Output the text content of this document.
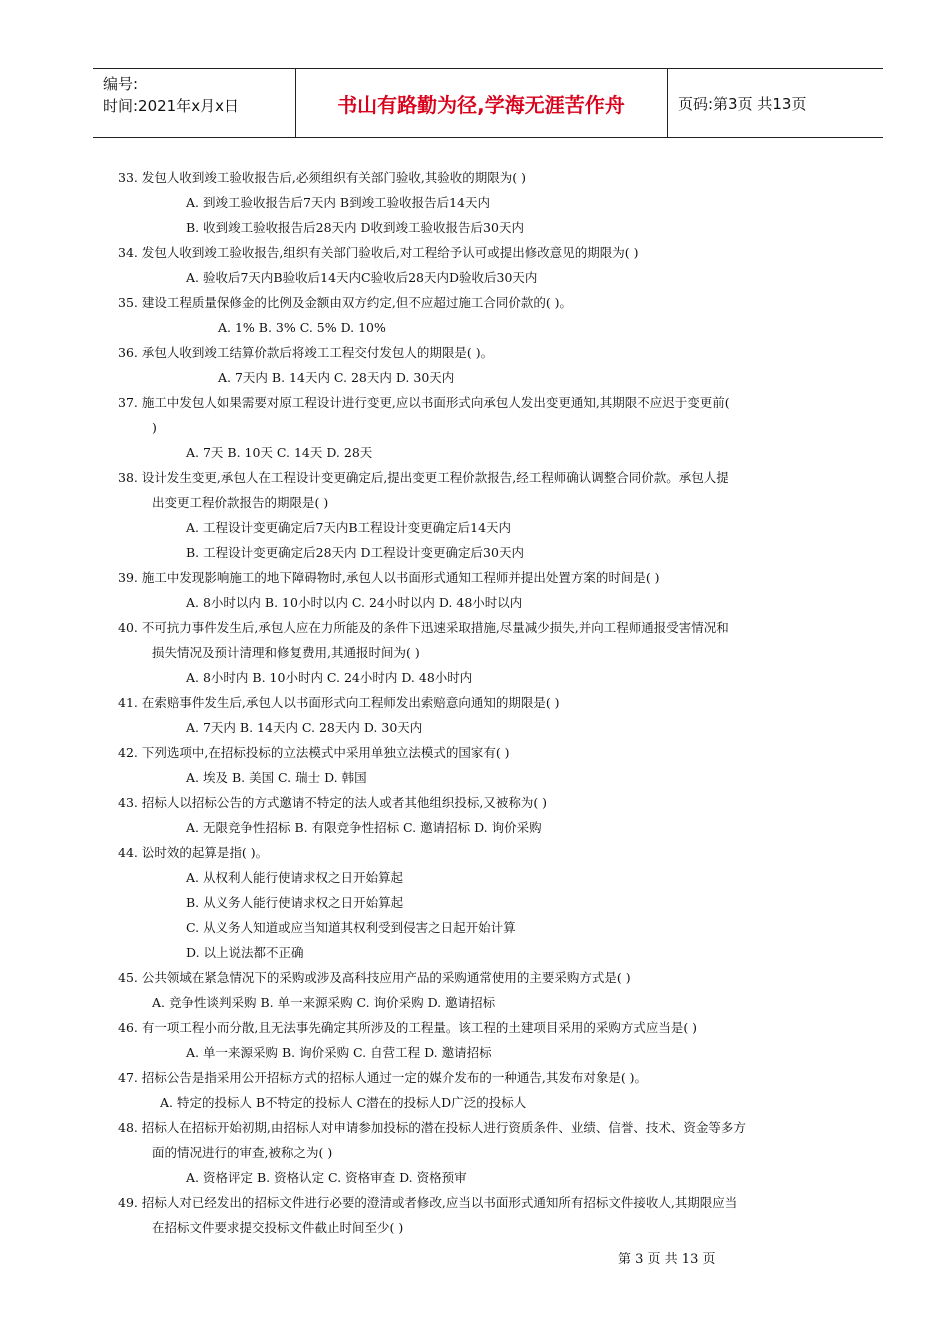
编号:
时间:2021年x月x日	书山有路勤为径,学海无涯苦作舟	页码:第3页 共13页
33. 发包人收到竣工验收报告后,必须组织有关部门验收,其验收的期限为( )
A. 到竣工验收报告后7天内 B到竣工验收报告后14天内
B. 收到竣工验收报告后28天内 D收到竣工验收报告后30天内
34. 发包人收到竣工验收报告,组织有关部门验收后,对工程给予认可或提出修改意见的期限为( )
A. 验收后7天内B验收后14天内C验收后28天内D验收后30天内
35. 建设工程质量保修金的比例及金额由双方约定,但不应超过施工合同价款的( )。
A. 1% B. 3% C. 5% D. 10%
36. 承包人收到竣工结算价款后将竣工工程交付发包人的期限是( )。
A. 7天内 B. 14天内 C. 28天内 D. 30天内
37. 施工中发包人如果需要对原工程设计进行变更,应以书面形式向承包人发出变更通知,其期限不应迟于变更前(
)
A. 7天 B. 10天 C. 14天 D. 28天
38. 设计发生变更,承包人在工程设计变更确定后,提出变更工程价款报告,经工程师确认调整合同价款。承包人提
出变更工程价款报告的期限是( )
A. 工程设计变更确定后7天内B工程设计变更确定后14天内
B. 工程设计变更确定后28天内 D工程设计变更确定后30天内
39. 施工中发现影响施工的地下障碍物时,承包人以书面形式通知工程师并提出处置方案的时间是( )
A. 8小时以内 B. 10小时以内 C. 24小时以内 D. 48小时以内
40. 不可抗力事件发生后,承包人应在力所能及的条件下迅速采取措施,尽量减少损失,并向工程师通报受害情况和
损失情况及预计清理和修复费用,其通报时间为( )
A. 8小时内 B. 10小时内 C. 24小时内 D. 48小时内
41. 在索赔事件发生后,承包人以书面形式向工程师发出索赔意向通知的期限是( )
A. 7天内 B. 14天内 C. 28天内 D. 30天内
42. 下列选项中,在招标投标的立法模式中采用单独立法模式的国家有( )
A. 埃及 B. 美国 C. 瑞士 D. 韩国
43. 招标人以招标公告的方式邀请不特定的法人或者其他组织投标,又被称为( )
A. 无限竞争性招标 B. 有限竞争性招标 C. 邀请招标 D. 询价采购
44. 讼时效的起算是指( )。
A. 从权利人能行使请求权之日开始算起
B. 从义务人能行使请求权之日开始算起
C. 从义务人知道或应当知道其权利受到侵害之日起开始计算
D. 以上说法都不正确
45. 公共领域在紧急情况下的采购或涉及高科技应用产品的采购通常使用的主要采购方式是( )
A. 竞争性谈判采购 B. 单一来源采购 C. 询价采购 D. 邀请招标
46. 有一项工程小而分散,且无法事先确定其所涉及的工程量。该工程的土建项目采用的采购方式应当是( )
A. 单一来源采购 B. 询价采购 C. 自营工程 D. 邀请招标
47. 招标公告是指采用公开招标方式的招标人通过一定的媒介发布的一种通告,其发布对象是( )。
A. 特定的投标人 B不特定的投标人 C潜在的投标人D广泛的投标人
48. 招标人在招标开始初期,由招标人对申请参加投标的潜在投标人进行资质条件、业绩、信誉、技术、资金等多方
面的情况进行的审查,被称之为( )
A. 资格评定 B. 资格认定 C. 资格审查 D. 资格预审
49. 招标人对已经发出的招标文件进行必要的澄清或者修改,应当以书面形式通知所有招标文件接收人,其期限应当
在招标文件要求提交投标文件截止时间至少( )
第 3 页 共 13 页
